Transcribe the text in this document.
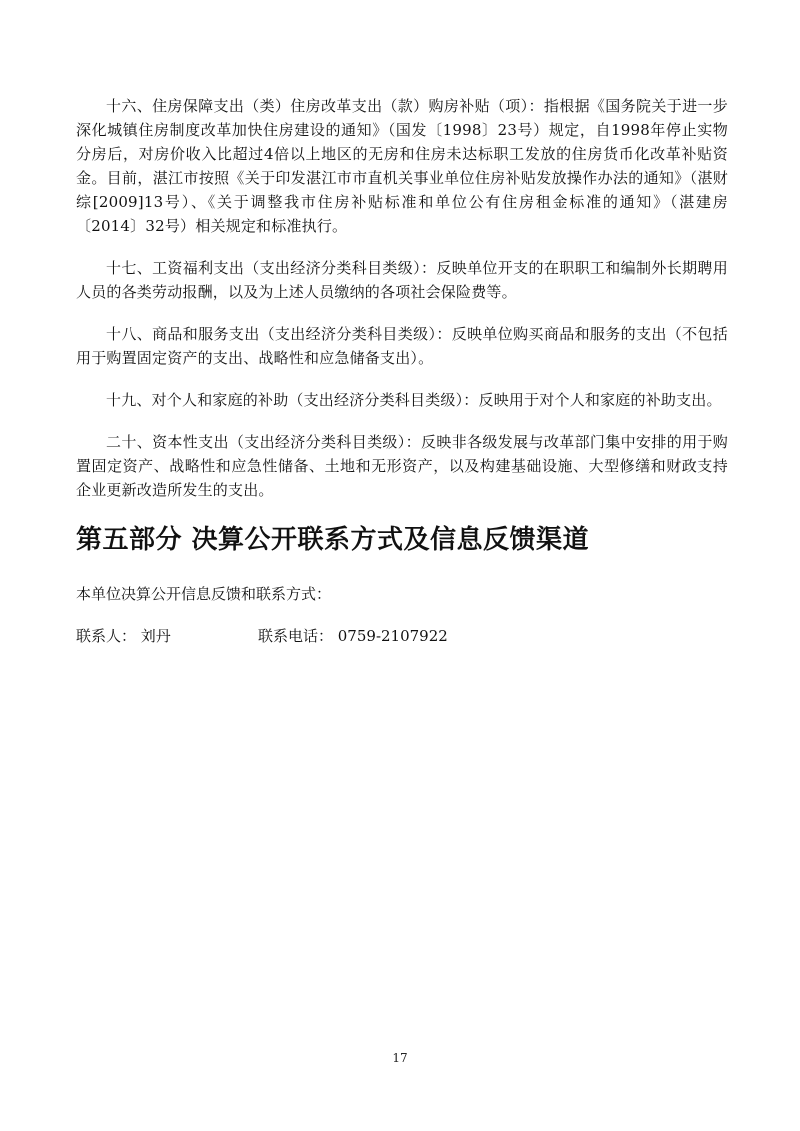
十六、住房保障支出（类）住房改革支出（款）购房补贴（项）：指根据《国务院关于进一步深化城镇住房制度改革加快住房建设的通知》（国发〔1998〕23号）规定，自1998年停止实物分房后，对房价收入比超过4倍以上地区的无房和住房未达标职工发放的住房货币化改革补贴资金。目前，湛江市按照《关于印发湛江市市直机关事业单位住房补贴发放操作办法的通知》（湛财综[2009]13号）、《关于调整我市住房补贴标准和单位公有住房租金标准的通知》（湛建房〔2014〕32号）相关规定和标准执行。

十七、工资福利支出（支出经济分类科目类级）：反映单位开支的在职职工和编制外长期聘用人员的各类劳动报酬，以及为上述人员缴纳的各项社会保险费等。

十八、商品和服务支出（支出经济分类科目类级）：反映单位购买商品和服务的支出（不包括用于购置固定资产的支出、战略性和应急储备支出）。

十九、对个人和家庭的补助（支出经济分类科目类级）：反映用于对个人和家庭的补助支出。

二十、资本性支出（支出经济分类科目类级）：反映非各级发展与改革部门集中安排的用于购置固定资产、战略性和应急性储备、土地和无形资产，以及构建基础设施、大型修缮和财政支持企业更新改造所发生的支出。

第五部分 决算公开联系方式及信息反馈渠道

本单位决算公开信息反馈和联系方式：

联系人： 刘丹	联系电话： 0759-2107922
17
